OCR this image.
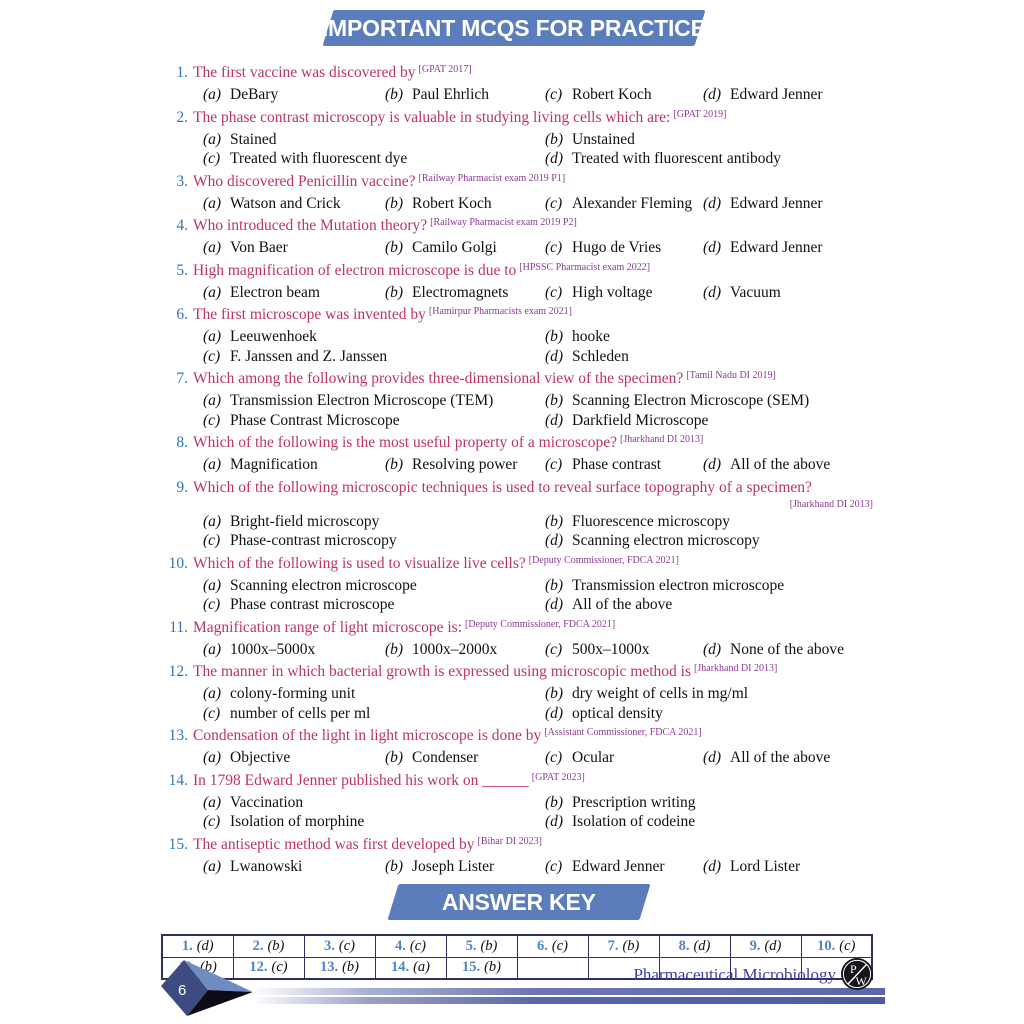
IMPORTANT MCQS FOR PRACTICE
1. The first vaccine was discovered by [GPAT 2017]
(a) DeBary	(b) Paul Ehrlich	(c) Robert Koch	(d) Edward Jenner
2. The phase contrast microscopy is valuable in studying living cells which are: [GPAT 2019]
(a) Stained	(b) Unstained
(c) Treated with fluorescent dye	(d) Treated with fluorescent antibody
3. Who discovered Penicillin vaccine? [Railway Pharmacist exam 2019 P1]
(a) Watson and Crick	(b) Robert Koch	(c) Alexander Fleming (d) Edward Jenner
4. Who introduced the Mutation theory? [Railway Pharmacist exam 2019 P2]
(a) Von Baer	(b) Camilo Golgi	(c) Hugo de Vries	(d) Edward Jenner
5. High magnification of electron microscope is due to [HPSSC Pharmacist exam 2022]
(a) Electron beam	(b) Electromagnets (c) High voltage	(d) Vacuum
6. The first microscope was invented by [Hamirpur Pharmacists exam 2021]
(a) Leeuwenhoek	(b) hooke
(c) F. Janssen and Z. Janssen	(d) Schleden
7. Which among the following provides three-dimensional view of the specimen? [Tamil Nadu DI 2019]
(a) Transmission Electron Microscope (TEM)	(b) Scanning Electron Microscope (SEM)
(c) Phase Contrast Microscope	(d) Darkfield Microscope
8. Which of the following is the most useful property of a microscope? [Jharkhand DI 2013]
(a) Magnification	(b) Resolving power (c) Phase contrast	(d) All of the above
9. Which of the following microscopic techniques is used to reveal surface topography of a specimen?
[Jharkhand DI 2013]
(a) Bright-field microscopy	(b) Fluorescence microscopy
(c) Phase-contrast microscopy	(d) Scanning electron microscopy
10. Which of the following is used to visualize live cells? [Deputy Commissioner, FDCA 2021]
(a) Scanning electron microscope	(b) Transmission electron microscope
(c) Phase contrast microscope	(d) All of the above
11. Magnification range of light microscope is: [Deputy Commissioner, FDCA 2021]
(a) 1000x–5000x	(b) 1000x–2000x	(c) 500x–1000x	(d) None of the above
12. The manner in which bacterial growth is expressed using microscopic method is [Jharkhand DI 2013]
(a) colony-forming unit	(b) dry weight of cells in mg/ml
(c) number of cells per ml	(d) optical density
13. Condensation of the light in light microscope is done by [Assistant Commissioner, FDCA 2021]
(a) Objective	(b) Condenser	(c) Ocular	(d) All of the above
14. In 1798 Edward Jenner published his work on ______ [GPAT 2023]
(a) Vaccination	(b) Prescription writing
(c) Isolation of morphine	(d) Isolation of codeine
15. The antiseptic method was first developed by [Bihar DI 2023]
(a) Lwanowski	(b) Joseph Lister	(c) Edward Jenner (d) Lord Lister
ANSWER KEY
1. (d)	2. (b)	3. (c)	4. (c)	5. (b)	6. (c)	7. (b)	8. (d)	9. (d)	10. (c)
(b)	12. (c)	13. (b)	14. (a)	15. (b)					
6
Pharmaceutical Microbiology P
W
